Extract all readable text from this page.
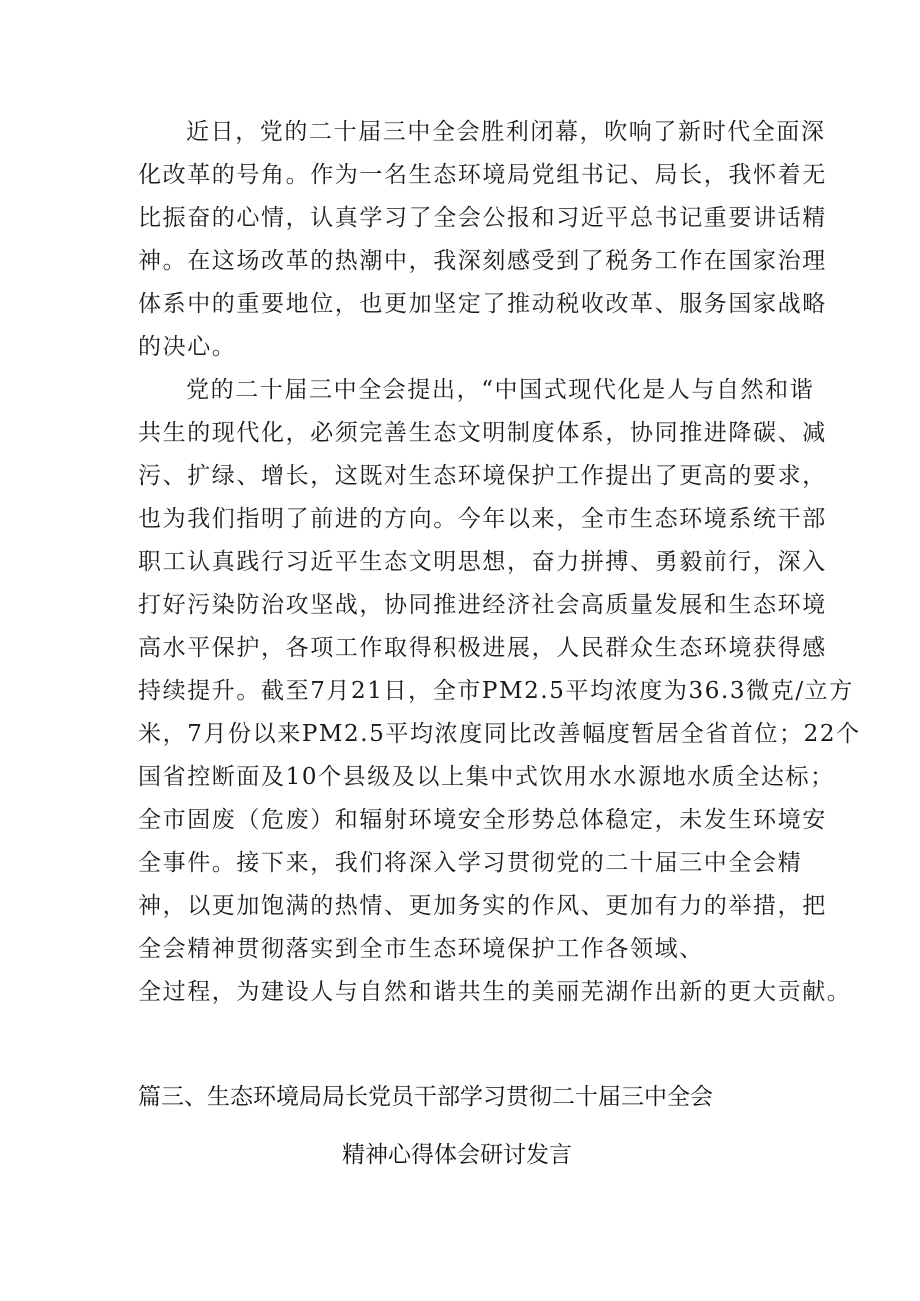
近日，党的二十届三中全会胜利闭幕，吹响了新时代全面深
化改革的号角。作为一名生态环境局党组书记、局长，我怀着无
比振奋的心情，认真学习了全会公报和习近平总书记重要讲话精
神。在这场改革的热潮中，我深刻感受到了税务工作在国家治理
体系中的重要地位，也更加坚定了推动税收改革、服务国家战略
的决心。
党的二十届三中全会提出，“中国式现代化是人与自然和谐
共生的现代化，必须完善生态文明制度体系，协同推进降碳、减
污、扩绿、增长，这既对生态环境保护工作提出了更高的要求，
也为我们指明了前进的方向。今年以来，全市生态环境系统干部
职工认真践行习近平生态文明思想，奋力拼搏、勇毅前行，深入
打好污染防治攻坚战，协同推进经济社会高质量发展和生态环境
高水平保护，各项工作取得积极进展，人民群众生态环境获得感
持续提升。截至7月21日，全市PM2.5平均浓度为36.3微克/立方
米，7月份以来PM2.5平均浓度同比改善幅度暂居全省首位；22个
国省控断面及10个县级及以上集中式饮用水水源地水质全达标；
全市固废（危废）和辐射环境安全形势总体稳定，未发生环境安
全事件。接下来，我们将深入学习贯彻党的二十届三中全会精
神，以更加饱满的热情、更加务实的作风、更加有力的举措，把
全会精神贯彻落实到全市生态环境保护工作各领域、
全过程，为建设人与自然和谐共生的美丽芜湖作出新的更大贡献。
篇三、生态环境局局长党员干部学习贯彻二十届三中全会
精神心得体会研讨发言
